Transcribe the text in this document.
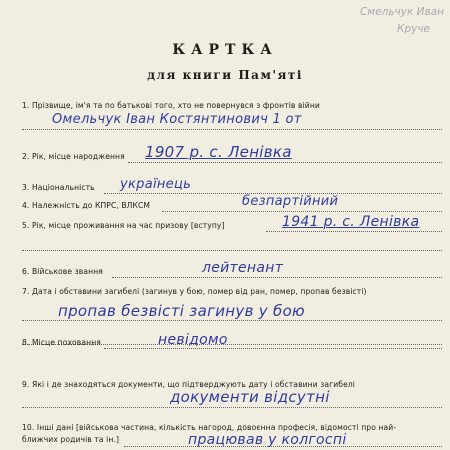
Смельчук Иван
Круче
КАРТКА
для книги Пам'яті
1. Прізвище, ім'я та по батькові того, хто не повернувся з фронтів війни
Омельчук Іван Костянтинович 1 от
2. Рік, місце народження 1907 р. с. Ленівка
3. Національність українець
4. Належність до КПРС, ВЛКСМ	безпартійний
5. Рік, місце проживання на час призову [вступу]	1941 р. с. Ленівка
6. Військове звання	лейтенант
7. Дата і обставини загибелі (загинув у бою, помер від ран, помер, пропав безвісті)
пропав безвісті загинув у бою
8. Місце поховання	невідомо
9. Які і де знаходяться документи, що підтверджують дату і обставини загибелі
документи відсутні
10. Інші дані [військова частина, кількість нагород, довоєнна професія, відомості про най-
ближчих родичів та ін.]	працював у колгоспі
